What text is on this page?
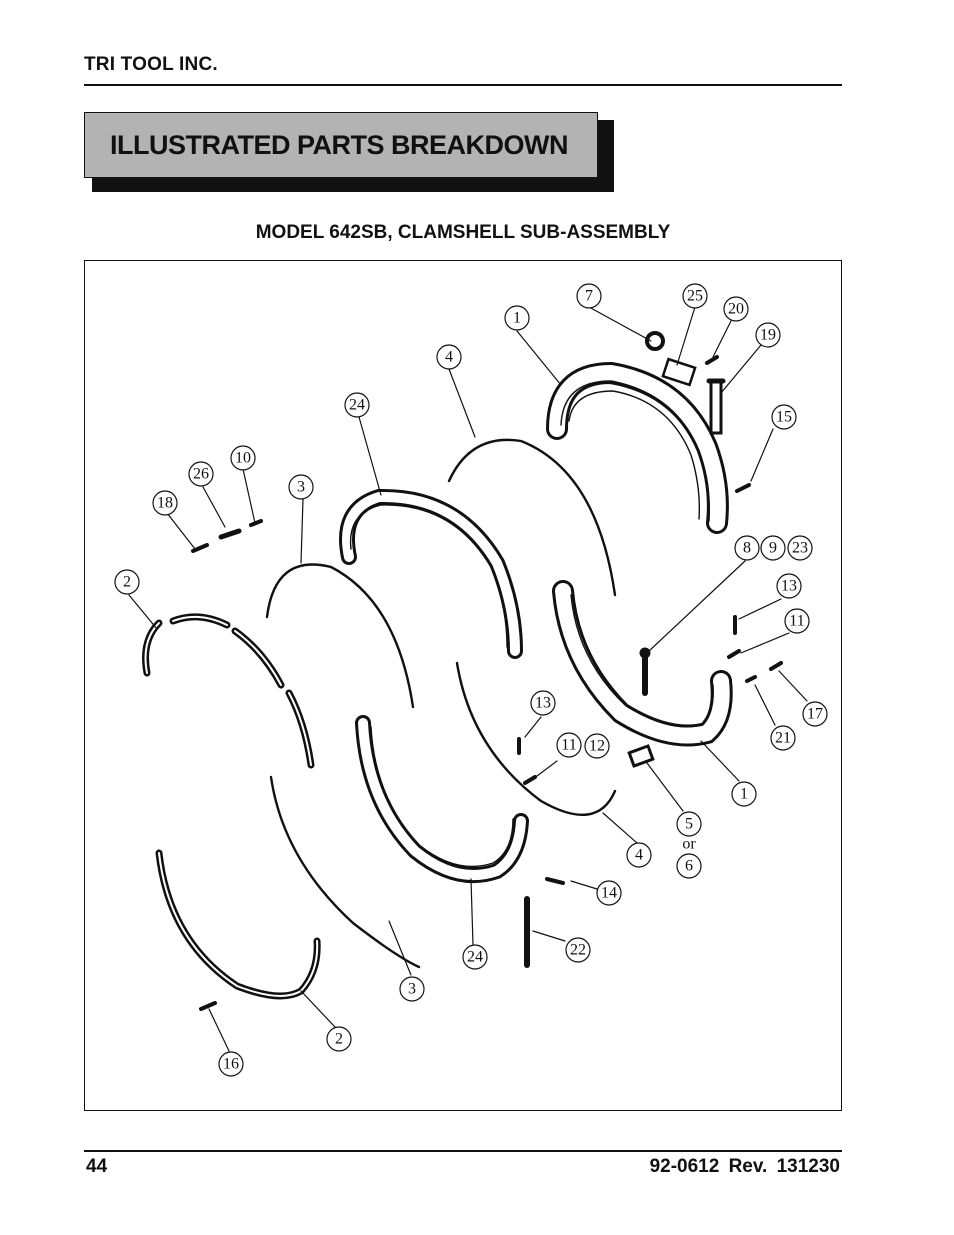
TRI TOOL INC.
ILLUSTRATED PARTS BREAKDOWN
MODEL 642SB, CLAMSHELL SUB-ASSEMBLY
1
7	25
20
19
15
4
24
10
26
18
3
2
8 9 23
13
11
17
21
1
5
or
6
4
13
11 12
14
22
24
3
2
16
44	92-0612 Rev. 131230
